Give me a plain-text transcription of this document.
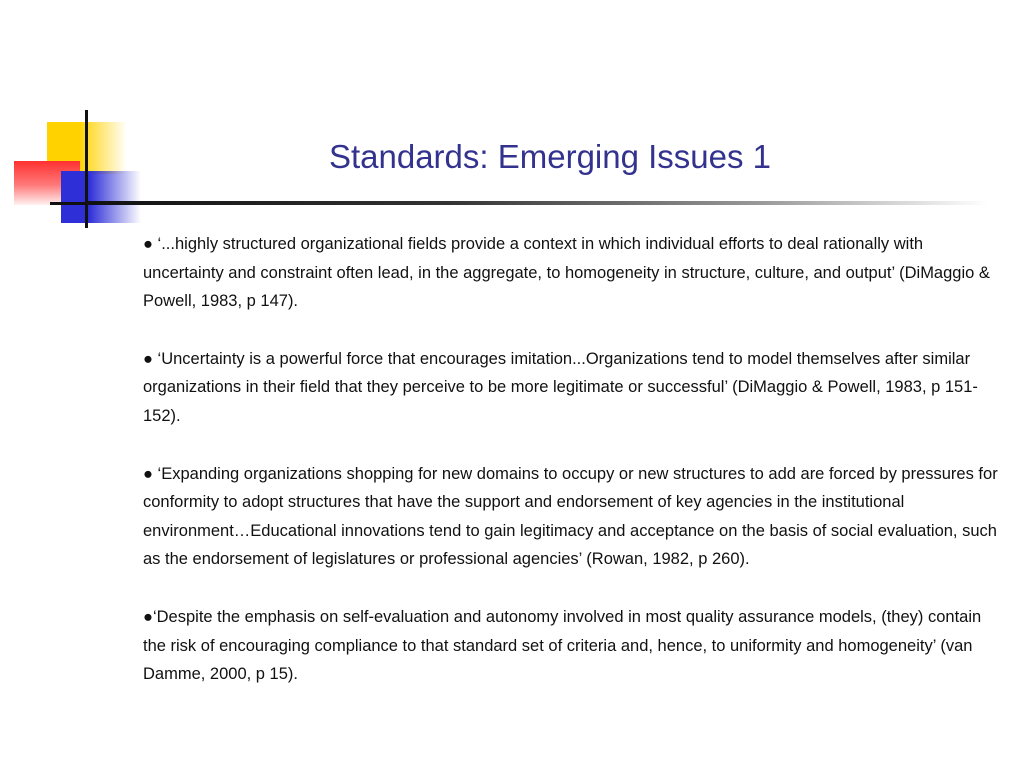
Standards: Emerging Issues 1

● ‘...highly structured organizational fields provide a context in which individual efforts to deal rationally with uncertainty and constraint often lead, in the aggregate, to homogeneity in structure, culture, and output’ (DiMaggio & Powell, 1983, p 147).

● ‘Uncertainty is a powerful force that encourages imitation...Organizations tend to model themselves after similar organizations in their field that they perceive to be more legitimate or successful’ (DiMaggio & Powell, 1983, p 151-152).

● ‘Expanding organizations shopping for new domains to occupy or new structures to add are forced by pressures for conformity to adopt structures that have the support and endorsement of key agencies in the institutional environment…Educational innovations tend to gain legitimacy and acceptance on the basis of social evaluation, such as the endorsement of legislatures or professional agencies’ (Rowan, 1982, p 260).

●‘Despite the emphasis on self-evaluation and autonomy involved in most quality assurance models, (they) contain the risk of encouraging compliance to that standard set of criteria and, hence, to uniformity and homogeneity’ (van Damme, 2000, p 15).
